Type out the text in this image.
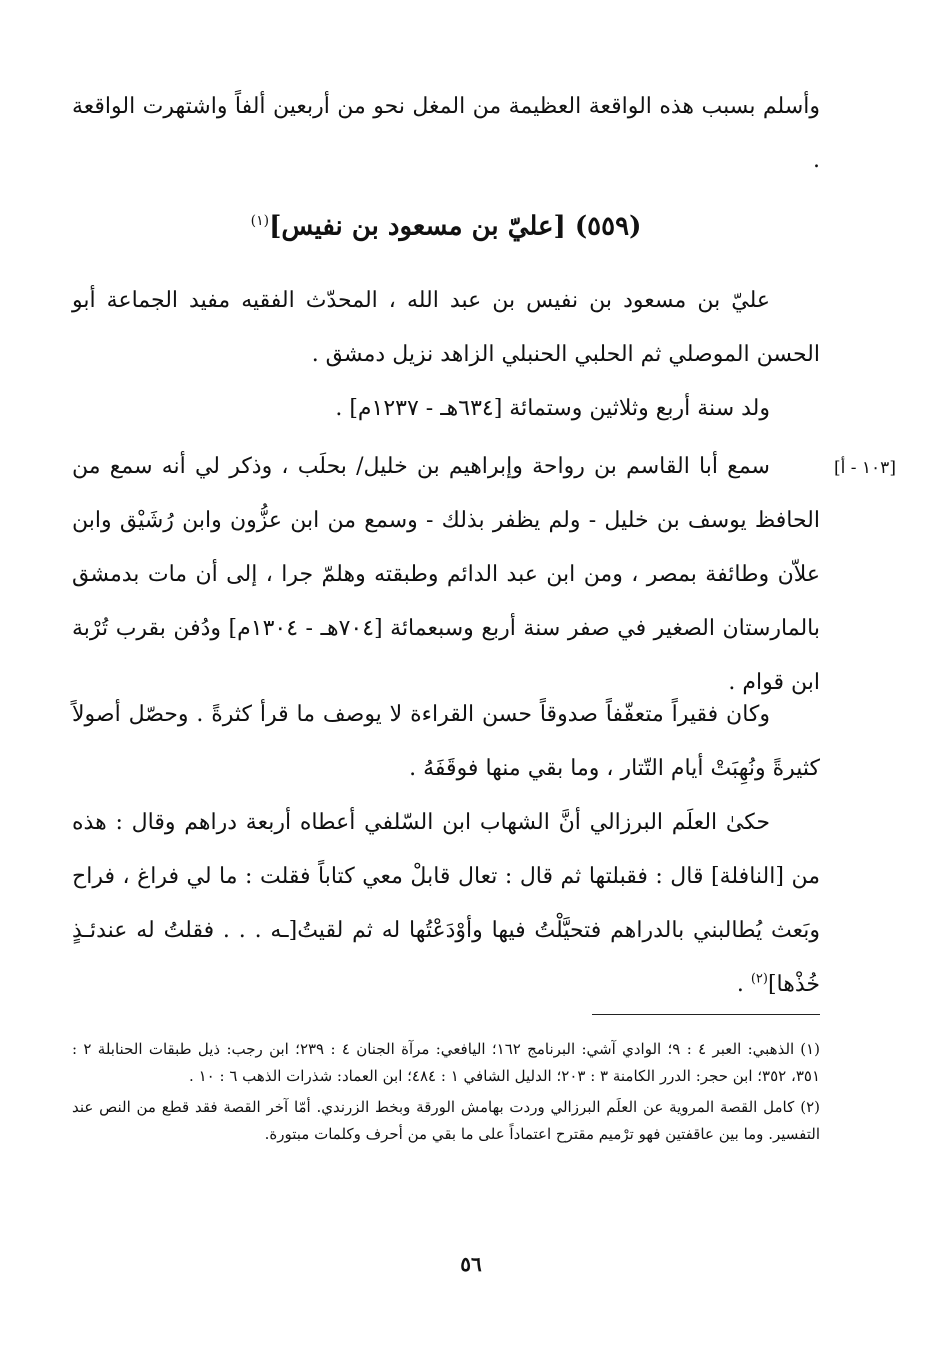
وأسلم بسبب هذه الواقعة العظيمة من المغل نحو من أربعين ألفاً واشتهرت الواقعة .

(٥٥٩) [عليّ بن مسعود بن نفيس]$^{(١)}$

عليّ بن مسعود بن نفيس بن عبد الله ، المحدّث الفقيه مفيد الجماعة أبو الحسن الموصلي ثم الحلبي الحنبلي الزاهد نزيل دمشق .

ولد سنة أربع وثلاثين وستمائة [٦٣٤هـ - ١٢٣٧م] .

[١٠٣ - أ]

سمع أبا القاسم بن رواحة وإبراهيم بن خليل/ بحلَب ، وذكر لي أنه سمع من الحافظ يوسف بن خليل - ولم يظفر بذلك - وسمع من ابن عزُّون وابن رُشَيْق وابن علاّن وطائفة بمصر ، ومن ابن عبد الدائم وطبقته وهلمّ جرا ، إلى أن مات بدمشق بالمارستان الصغير في صفر سنة أربع وسبعمائة [٧٠٤هـ - ١٣٠٤م] ودُفن بقرب تُرْبة ابن قوام .

وكان فقيراً متعفّفاً صدوقاً حسن القراءة لا يوصف ما قرأ كثرةً . وحصّل أصولاً كثيرةً ونُهِبَتْ أيام التّتار ، وما بقي منها فوقَفَهُ .

حكىٰ العلَم البرزالي أنَّ الشهاب ابن السّلفي أعطاه أربعة دراهم وقال : هذه من [النافلة] قال : فقبلتها ثم قال : تعال قابلْ معي كتاباً فقلت : ما لي فراغ ، فراح وبَعث يُطالبني بالدراهم فتحيَّلْتُ فيها وأوْدَعْتُها له ثم لقيتُ[ـه . . . فقلتُ له عندئـذٍ خُذْها]$^{(٢)}$ .

(١)الذهبي: العبر ٤ : ٩؛ الوادي آشي: البرنامج ١٦٢؛ اليافعي: مرآة الجنان ٤ : ٢٣٩؛ ابن رجب: ذيل طبقات الحنابلة ٢ : ٣٥١، ٣٥٢؛ ابن حجر: الدرر الكامنة ٣ : ٢٠٣؛ الدليل الشافي ١ : ٤٨٤؛ ابن العماد: شذرات الذهب ٦ : ١٠ .

(٢)كامل القصة المروية عن العلَم البرزالي وردت بهامش الورقة وبخط الزرندي. أمّا آخر القصة فقد قطع من النص عند التفسير. وما بين عاقفتين فهو ترْميم مقترح اعتماداً على ما بقي من أحرف وكلمات مبتورة.

٥٦
